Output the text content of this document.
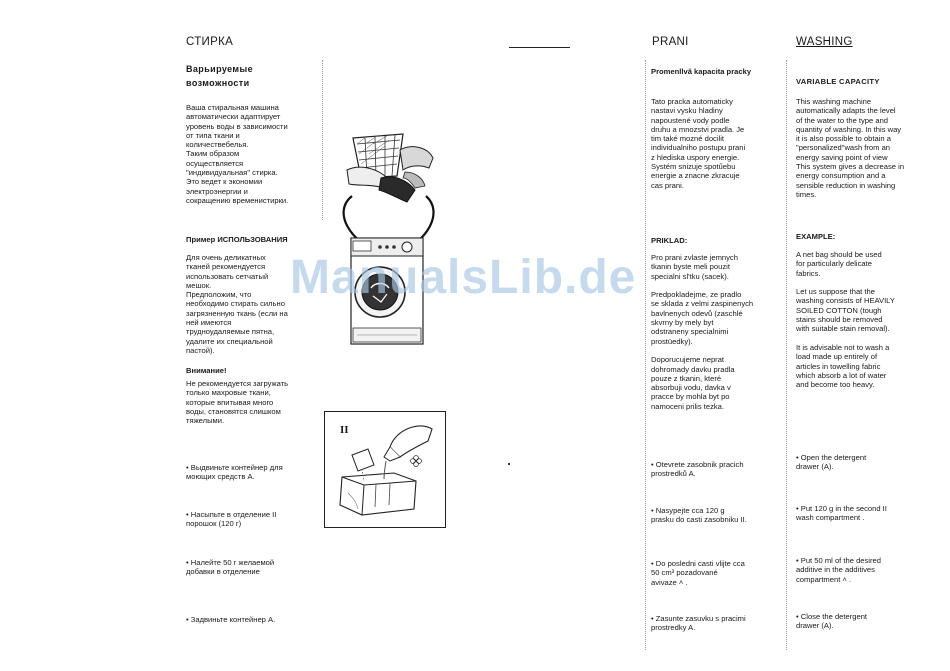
СТИРКА	PRANI	WASHING
Варьируемые
возможности
Ваша стиральная машина
автоматически адаптирует
уровень воды в зависимости
от типа ткани и
количествебелья.
Таким образом
осуществляется
"индивидуальная" стирка.
Это ведет к экономии
электроэнергии и
сокращению временистирки.
Пример ИСПОЛЬЗОВАНИЯ
Для очень деликатных
тканей рекомендуется
использовать сетчатый
мешок.
Предположим, что
необходимо стирать сильно
загрязненную ткань (если на
ней имеются
трудноудаляемые пятна,
удалите их специальной
пастой).
Внимание!
Не рекомендуется загружать
только махровые ткани,
которые впитывая много
воды, становятся слишком
тяжелыми.
• Выдвиньте контейнер для
моющих средств А.
• Насыпьте в отделение II
порошок (120 г)
• Налейте 50 г желаемой
добавки в отделение
• Задвиньте контейнер А.
II
Promenllvă kapacita pracky
Tato pracka automaticky
nastavi vysku hladiny
napoustené vody podle
druhu a mnozstvi pradla. Je
tim také mozné docilit
individualniho postupu prani
z hlediska uspory energie.
Systém snizuje spotűebu
energie a znacne zkracuje
cas prani.
PRIKLAD:
Pro prani zvlaste jemnych
tkanin byste meli pouzit
specialni sl'tku (sacek).

Predpokladejme, ze pradlo
se sklada z velmi zaspinenych
bavlnenych odevů (zaschlé
skvrny by mely byt
odstraneny specialnimi
prostüedky).

Doporucujeme neprat
dohromady davku pradla
pouze z tkanin, které
absorbuji vodu, davka v
pracce by mohla byt po
namoceni prilis tezka.
• Otevrete zasobnik pracich
prostredků A.
• Nasypejte cca 120 g
prasku do casti zasobniku II.
• Do posledni casti vlijte cca
50 cm³ pozadované
avivaze ˄ .
• Zasunte zasuvku s pracimi
prostredky A.
VARIABLE CAPACITY
This washing machine
automatically adapts the level
of the water to the type and
quantity of washing. In this way
it is also possible to obtain a
"personalized"wash from an
energy saving point of view
This system gives a decrease in
energy consumption and a
sensible reduction in washing
times.
EXAMPLE:
A net bag should be used
for particularly delicate
fabrics.

Let us suppose that the
washing consists of HEAVILY
SOILED COTTON (tough
stains should be removed
with suitable stain removal).

It is advisable not to wash a
load made up entirely of
articles in towelling fabric
which absorb a lot of water
and become too heavy.
• Open the detergent
drawer (A).
• Put 120 g in the second II
wash compartment .
• Put 50 ml of the desired
additive in the additives
compartment ˄ .
• Close the detergent
drawer (A).
ManualsLib.de
